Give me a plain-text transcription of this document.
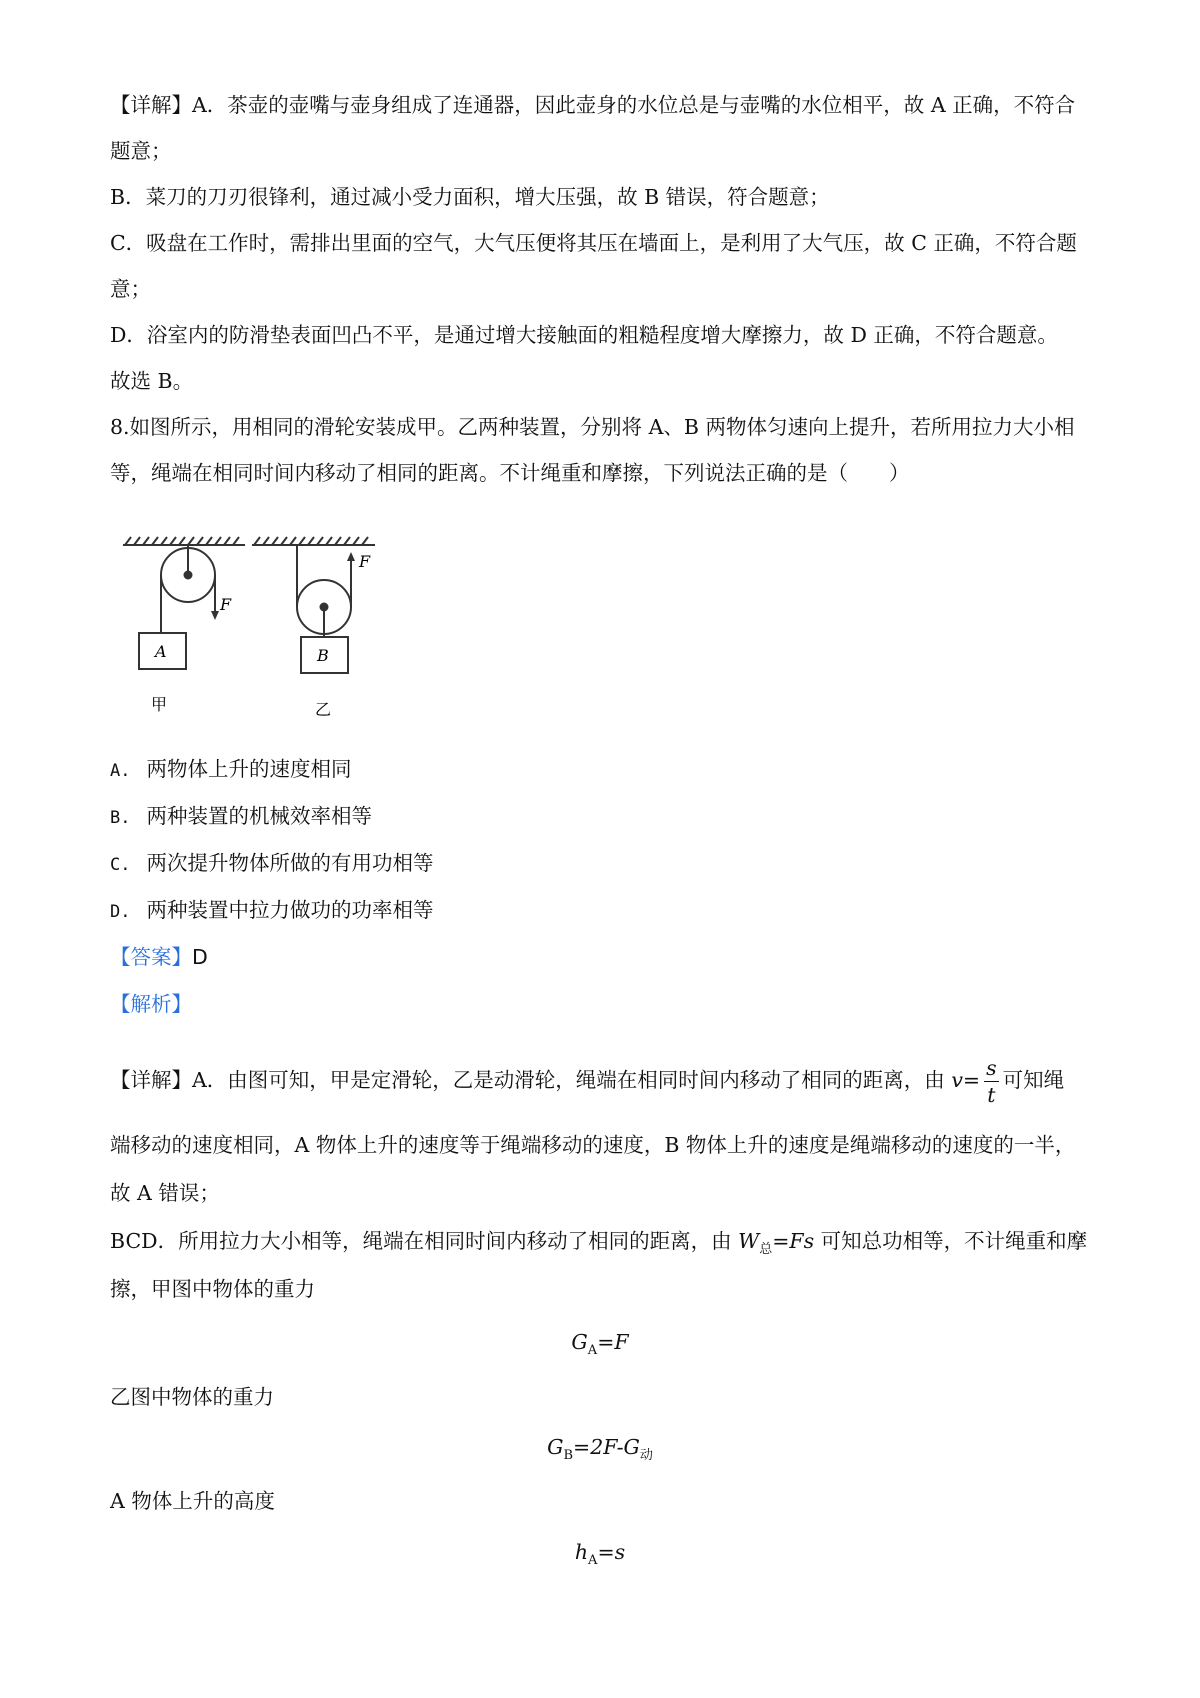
【详解】A．茶壶的壶嘴与壶身组成了连通器，因此壶身的水位总是与壶嘴的水位相平，故 A 正确，不符合

题意；

B．菜刀的刀刃很锋利，通过减小受力面积，增大压强，故 B 错误，符合题意；

C．吸盘在工作时，需排出里面的空气，大气压便将其压在墙面上，是利用了大气压，故 C 正确，不符合题

意；

D．浴室内的防滑垫表面凹凸不平，是通过增大接触面的粗糙程度增大摩擦力，故 D 正确，不符合题意。

故选 B。

8.如图所示，用相同的滑轮安装成甲。乙两种装置，分别将 A、B 两物体匀速向上提升，若所用拉力大小相

等，绳端在相同时间内移动了相同的距离。不计绳重和摩擦，下列说法正确的是（　　）

A
F
甲
B
F
乙

A. 两物体上升的速度相同

B. 两种装置的机械效率相等

C. 两次提升物体所做的有用功相等

D. 两种装置中拉力做功的功率相等

【答案】D

【解析】

【详解】A．由图可知，甲是定滑轮，乙是动滑轮，绳端在相同时间内移动了相同的距离，由 $v= \frac{s}{t}$ 可知绳

端移动的速度相同，A 物体上升的速度等于绳端移动的速度，B 物体上升的速度是绳端移动的速度的一半，

故 A 错误；

BCD．所用拉力大小相等，绳端在相同时间内移动了相同的距离，由 $W_总=Fs$ 可知总功相等，不计绳重和摩

擦，甲图中物体的重力

$G_A=F$

乙图中物体的重力

$G_B=2F-G_动$

A 物体上升的高度

$h_A=s$
